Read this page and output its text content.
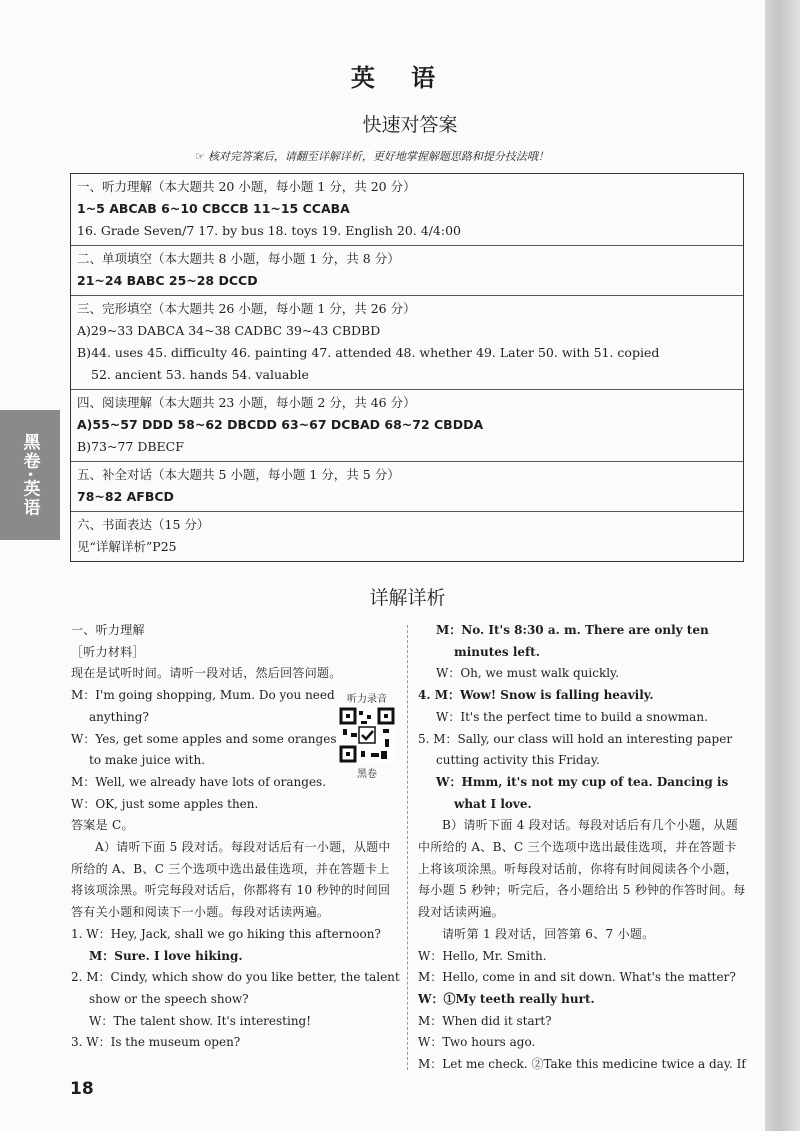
黑卷·英语
英 语
快速对答案
☞ 核对完答案后，请翻至详解详析，更好地掌握解题思路和提分技法哦！
一、听力理解（本大题共 20 小题，每小题 1 分，共 20 分）
1~5 ABCAB 6~10 CBCCB 11~15 CCABA
16. Grade Seven/7 17. by bus 18. toys 19. English 20. 4/4:00
二、单项填空（本大题共 8 小题，每小题 1 分，共 8 分）
21~24 BABC 25~28 DCCD
三、完形填空（本大题共 26 小题，每小题 1 分，共 26 分）
A)29~33 DABCA 34~38 CADBC 39~43 CBDBD
B)44. uses 45. difficulty 46. painting 47. attended 48. whether 49. Later 50. with 51. copied
52. ancient 53. hands 54. valuable
四、阅读理解（本大题共 23 小题，每小题 2 分，共 46 分）
A)55~57 DDD 58~62 DBCDD 63~67 DCBAD 68~72 CBDDA
B)73~77 DBECF
五、补全对话（本大题共 5 小题，每小题 1 分，共 5 分）
78~82 AFBCD
六、书面表达（15 分）
见“详解详析”P25
详解详析

一、听力理解

［听力材料］

现在是试听时间。请听一段对话，然后回答问题。

M：I'm going shopping, Mum. Do you need anything?

W：Yes, get some apples and some oranges to make juice with.

M：Well, we already have lots of oranges.

W：OK, just some apples then.

答案是 C。

A）请听下面 5 段对话。每段对话后有一小题，从题中所给的 A、B、C 三个选项中选出最佳选项，并在答题卡上将该项涂黑。听完每段对话后，你都将有 10 秒钟的时间回答有关小题和阅读下一小题。每段对话读两遍。

1. W：Hey, Jack, shall we go hiking this afternoon?

M：Sure. I love hiking.

2. M：Cindy, which show do you like better, the talent show or the speech show?

W：The talent show. It's interesting!

3. W：Is the museum open?

听力录音
黑卷

M：No. It's 8:30 a. m. There are only ten minutes left.

W：Oh, we must walk quickly.

4. M：Wow! Snow is falling heavily.

W：It's the perfect time to build a snowman.

5. M：Sally, our class will hold an interesting paper cutting activity this Friday.

W：Hmm, it's not my cup of tea. Dancing is what I love.

B）请听下面 4 段对话。每段对话后有几个小题，从题中所给的 A、B、C 三个选项中选出最佳选项，并在答题卡上将该项涂黑。听每段对话前，你将有时间阅读各个小题，每小题 5 秒钟；听完后，各小题给出 5 秒钟的作答时间。每段对话读两遍。

请听第 1 段对话，回答第 6、7 小题。

W：Hello, Mr. Smith.

M：Hello, come in and sit down. What's the matter?

W：①My teeth really hurt.

M：When did it start?

W：Two hours ago.

M：Let me check. ②Take this medicine twice a day. If

18
